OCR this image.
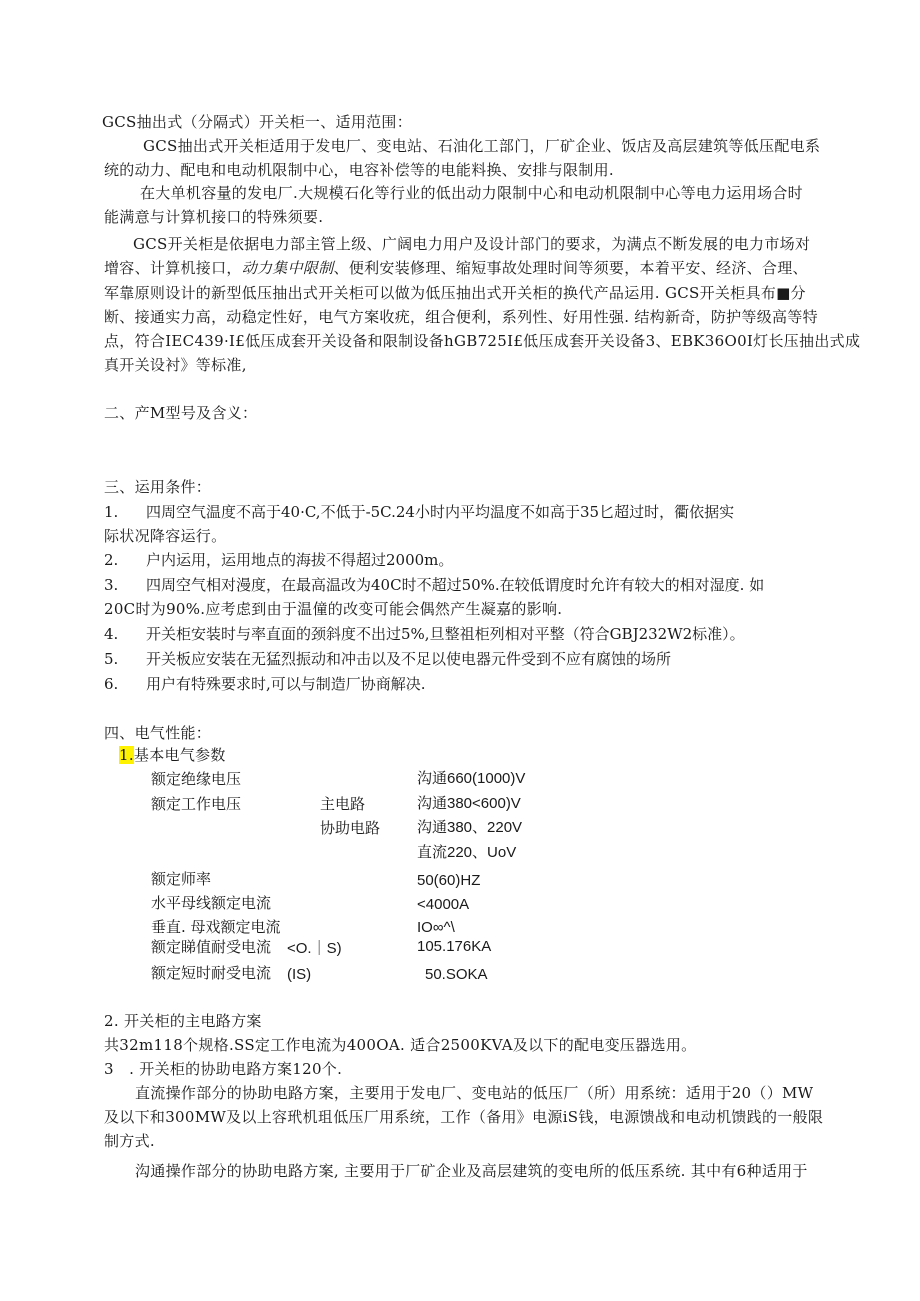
GCS抽出式（分隔式）开关柜一、适用范围：
GCS抽出式开关柜适用于发电厂、变电站、石油化工部门，厂矿企业、饭店及高层建筑等低压配电系
统的动力、配电和电动机限制中心，电容补偿等的电能料换、安排与限制用.
在大单机容量的发电厂.大规模石化等行业的低出动力限制中心和电动机限制中心等电力运用场合时
能满意与计算机接口的特殊须要.
GCS开关柜是依据电力部主管上级、广阔电力用户及设计部门的要求，为满点不断发展的电力市场对
增容、计算机接口，动力集中限制、便利安装修理、缩短事故处理时间等须要，本着平安、经济、合理、
军靠原则设计的新型低压抽出式开关柜可以做为低压抽出式开关柜的换代产品运用. GCS开关柜具布■分
断、接通实力高，动稳定性好，电气方案收疣，组合便利，系列性、好用性强. 结构新奇，防护等级高等特
点，符合IEC439·I£低压成套开关设备和限制设备hGB725I£低压成套开关设备3、EBK36O0I灯长压抽出式成
真开关设衬》等标准,
二、产M型号及含义：
三、运用条件：
1. 四周空气温度不高于40·C,不低于-5C.24小时内平均温度不如高于35匕超过时，衢依据实
际状况降容运行。
2. 户内运用，运用地点的海拔不得超过2000m。
3. 四周空气相对漫度，在最高温改为40C时不超过50%.在较低谓度时允许有较大的相对湿度. 如
20C时为90%.应考虑到由于温僮的改变可能会偶然产生凝嘉的影响.
4. 开关柜安装时与率直面的颈斜度不出过5%,旦整祖柜列相对平整（符合GBJ232W2标准）。
5. 开关板应安装在无猛烈振动和冲击以及不足以使电器元件受到不应有腐蚀的场所
6. 用户有特殊要求时,可以与制造厂协商解决.
四、电气性能：
1.基本电气参数
额定绝缘电压	沟通660(1000)V
额定工作电压	主电路	沟通380<600)V
协助电路 沟通380、220V
直流220、UoV
额定师率	50(60)HZ
水平母线额定电流	<4000A
垂直. 母戏额定电流	IO∞^\
额定睇值耐受电流 <O.｜S)	105.176KA
额定短时耐受电流 (IS)	50.SOKA
2. 开关柜的主电路方案
共32m118个规格.SS定工作电流为400OA. 适合2500KVA及以下的配电变压器选用。
3　. 开关柜的协助电路方案120个.
直流操作部分的协助电路方案，主要用于发电厂、变电站的低压厂（所）用系统：适用于20（）MW
及以下和300MW及以上容玳机珇低压厂用系统，工作（备用》电源iS钱，电源馈战和电动机馈践的一般限
制方式.
沟通操作部分的协助电路方案, 主要用于厂矿企业及高层建筑的变电所的低压系统. 其中有6种适用于
